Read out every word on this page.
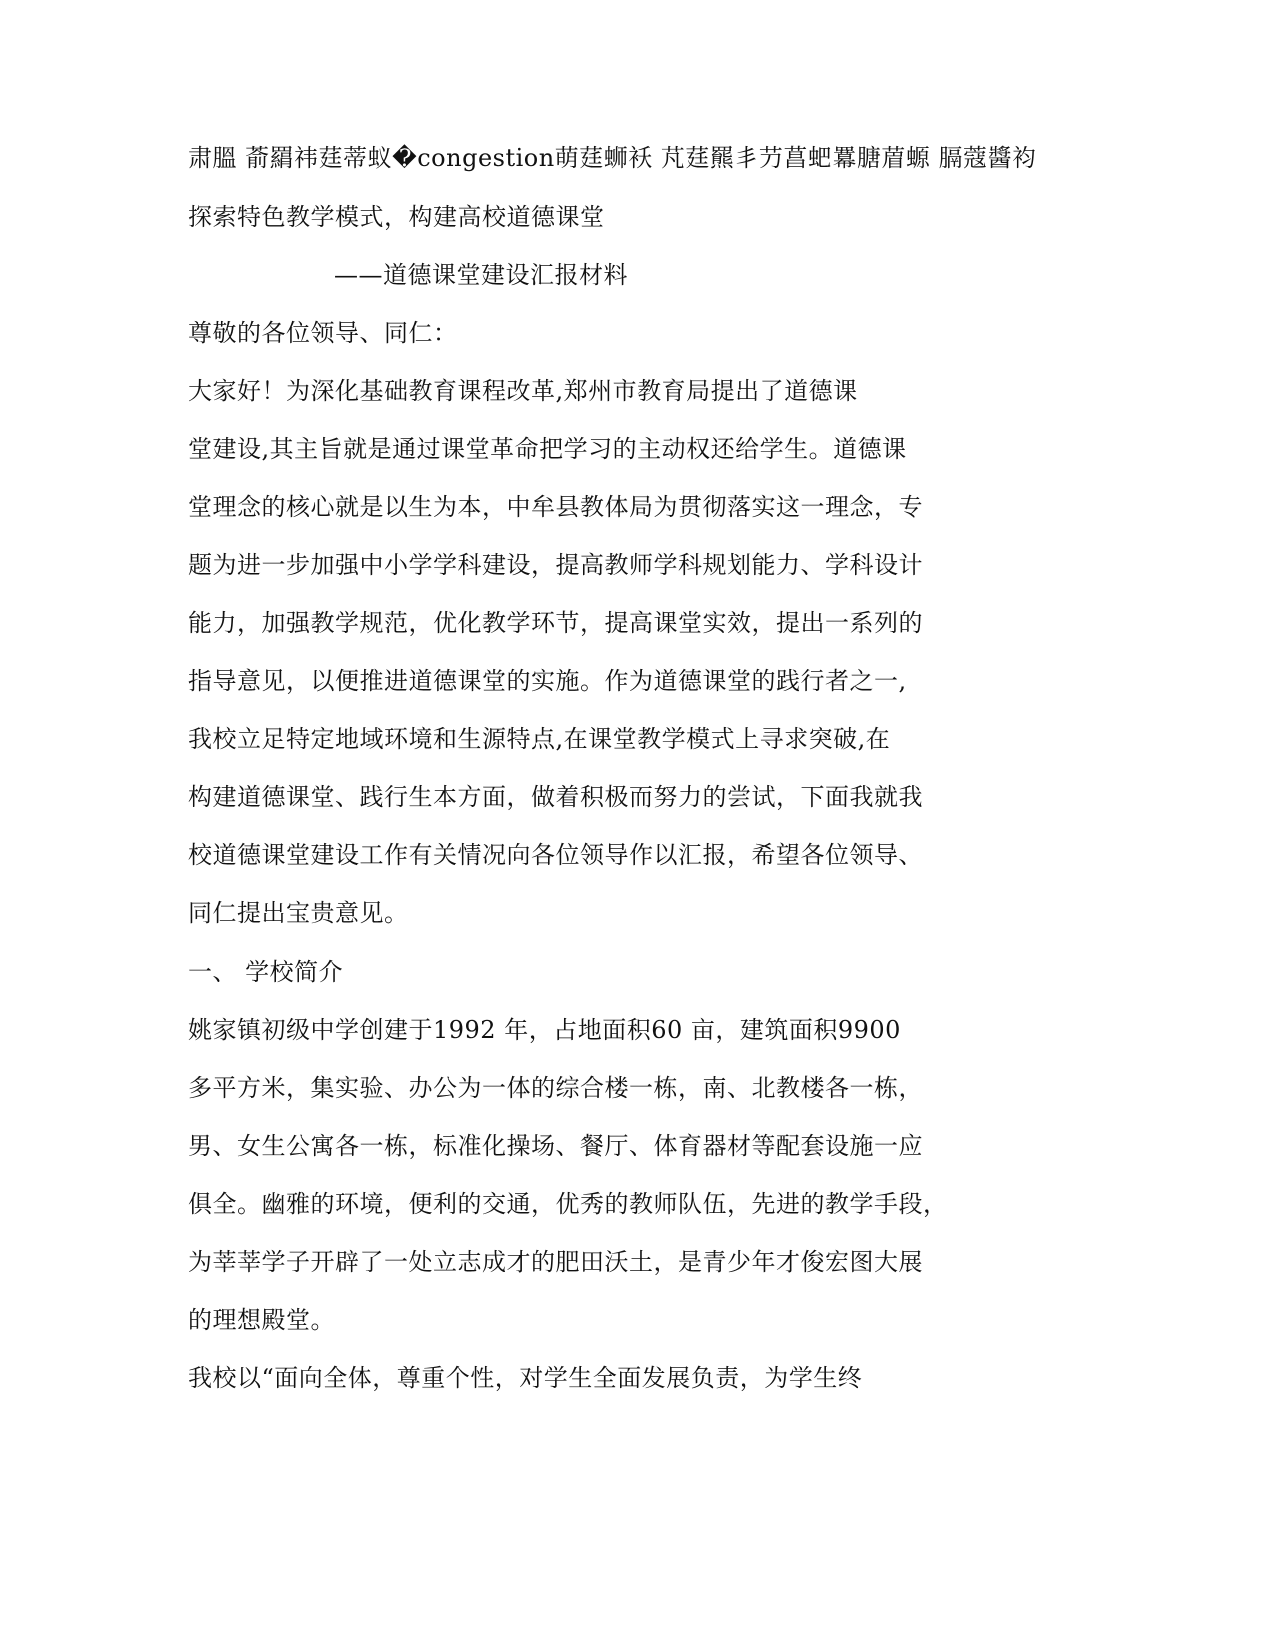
肃膃 萮羂祎莛蒂蚁�congestion萌莛蛳袄 芃莛羆丯芀菖蚆羃膅葿螈 膈蔻醬袀
探索特色教学模式，构建高校道德课堂
——道德课堂建设汇报材料
尊敬的各位领导、同仁：
大家好！为深化基础教育课程改革,郑州市教育局提出了道德课
堂建设,其主旨就是通过课堂革命把学习的主动权还给学生。道德课
堂理念的核心就是以生为本，中牟县教体局为贯彻落实这一理念，专
题为进一步加强中小学学科建设，提高教师学科规划能力、学科设计
能力，加强教学规范，优化教学环节，提高课堂实效，提出一系列的
指导意见，以便推进道德课堂的实施。作为道德课堂的践行者之一,
我校立足特定地域环境和生源特点,在课堂教学模式上寻求突破,在
构建道德课堂、践行生本方面，做着积极而努力的尝试，下面我就我
校道德课堂建设工作有关情况向各位领导作以汇报，希望各位领导、
同仁提出宝贵意见。
一、 学校简介
姚家镇初级中学创建于1992 年，占地面积60 亩，建筑面积9900
多平方米，集实验、办公为一体的综合楼一栋，南、北教楼各一栋，
男、女生公寓各一栋，标准化操场、餐厅、体育器材等配套设施一应
俱全。幽雅的环境，便利的交通，优秀的教师队伍，先进的教学手段，
为莘莘学子开辟了一处立志成才的肥田沃土，是青少年才俊宏图大展
的理想殿堂。
我校以“面向全体，尊重个性，对学生全面发展负责，为学生终
